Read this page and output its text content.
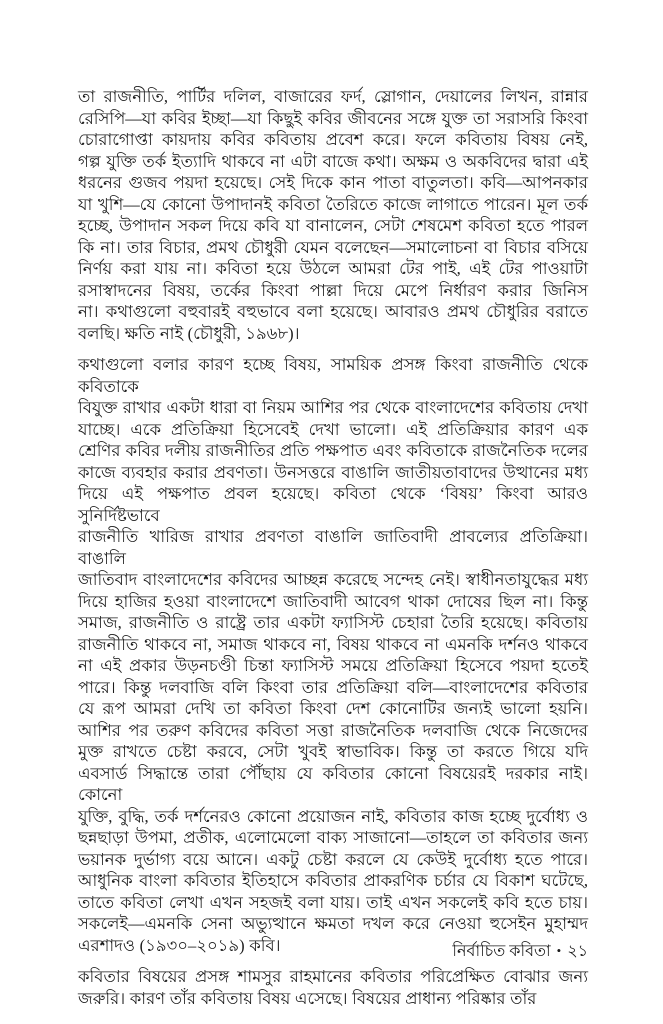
তা রাজনীতি, পার্টির দলিল, বাজারের ফর্দ, স্লোগান, দেয়ালের লিখন, রান্নার
রেসিপি—যা কবির ইচ্ছা—যা কিছুই কবির জীবনের সঙ্গে যুক্ত তা সরাসরি কিংবা
চোরাগোপ্তা কায়দায় কবির কবিতায় প্রবেশ করে। ফলে কবিতায় বিষয় নেই,
গল্প যুক্তি তর্ক ইত্যাদি থাকবে না এটা বাজে কথা। অক্ষম ও অকবিদের দ্বারা এই
ধরনের গুজব পয়দা হয়েছে। সেই দিকে কান পাতা বাতুলতা। কবি—আপনকার
যা খুশি—যে কোনো উপাদানই কবিতা তৈরিতে কাজে লাগাতে পারেন। মূল তর্ক
হচ্ছে, উপাদান সকল দিয়ে কবি যা বানালেন, সেটা শেষমেশ কবিতা হতে পারল
কি না। তার বিচার, প্রমথ চৌধুরী যেমন বলেছেন—সমালোচনা বা বিচার বসিয়ে
নির্ণয় করা যায় না। কবিতা হয়ে উঠলে আমরা টের পাই, এই টের পাওয়াটা
রসাস্বাদনের বিষয়, তর্কের কিংবা পাল্লা দিয়ে মেপে নির্ধারণ করার জিনিস
না। কথাগুলো বহুবারই বহুভাবে বলা হয়েছে। আবারও প্রমথ চৌধুরির বরাতে
বলছি। ক্ষতি নাই (চৌধুরী, ১৯৬৮)।
কথাগুলো বলার কারণ হচ্ছে বিষয়, সাময়িক প্রসঙ্গ কিংবা রাজনীতি থেকে কবিতাকে
বিযুক্ত রাখার একটা ধারা বা নিয়ম আশির পর থেকে বাংলাদেশের কবিতায় দেখা
যাচ্ছে। একে প্রতিক্রিয়া হিসেবেই দেখা ভালো। এই প্রতিক্রিয়ার কারণ এক
শ্রেণির কবির দলীয় রাজনীতির প্রতি পক্ষপাত এবং কবিতাকে রাজনৈতিক দলের
কাজে ব্যবহার করার প্রবণতা। উনসত্তরে বাঙালি জাতীয়তাবাদের উত্থানের মধ্য
দিয়ে এই পক্ষপাত প্রবল হয়েছে। কবিতা থেকে ‘বিষয়’ কিংবা আরও সুনির্দিষ্টভাবে
রাজনীতি খারিজ রাখার প্রবণতা বাঙালি জাতিবাদী প্রাবল্যের প্রতিক্রিয়া। বাঙালি
জাতিবাদ বাংলাদেশের কবিদের আচ্ছন্ন করেছে সন্দেহ নেই। স্বাধীনতাযুদ্ধের মধ্য
দিয়ে হাজির হওয়া বাংলাদেশে জাতিবাদী আবেগ থাকা দোষের ছিল না। কিন্তু
সমাজ, রাজনীতি ও রাষ্ট্রে তার একটা ফ্যাসিস্ট চেহারা তৈরি হয়েছে। কবিতায়
রাজনীতি থাকবে না, সমাজ থাকবে না, বিষয় থাকবে না এমনকি দর্শনও থাকবে
না এই প্রকার উড়নচণ্ডী চিন্তা ফ্যাসিস্ট সময়ে প্রতিক্রিয়া হিসেবে পয়দা হতেই
পারে। কিন্তু দলবাজি বলি কিংবা তার প্রতিক্রিয়া বলি—বাংলাদেশের কবিতার
যে রূপ আমরা দেখি তা কবিতা কিংবা দেশ কোনোটির জন্যই ভালো হয়নি।
আশির পর তরুণ কবিদের কবিতা সত্তা রাজনৈতিক দলবাজি থেকে নিজেদের
মুক্ত রাখতে চেষ্টা করবে, সেটা খুবই স্বাভাবিক। কিন্তু তা করতে গিয়ে যদি
এবসার্ড সিদ্ধান্তে তারা পৌঁছায় যে কবিতার কোনো বিষয়েরই দরকার নাই। কোনো
যুক্তি, বুদ্ধি, তর্ক দর্শনেরও কোনো প্রয়োজন নাই, কবিতার কাজ হচ্ছে দুর্বোধ্য ও
ছন্নছাড়া উপমা, প্রতীক, এলোমেলো বাক্য সাজানো—তাহলে তা কবিতার জন্য
ভয়ানক দুর্ভাগ্য বয়ে আনে। একটু চেষ্টা করলে যে কেউই দুর্বোধ্য হতে পারে।
আধুনিক বাংলা কবিতার ইতিহাসে কবিতার প্রাকরণিক চর্চার যে বিকাশ ঘটেছে,
তাতে কবিতা লেখা এখন সহজই বলা যায়। তাই এখন সকলেই কবি হতে চায়।
সকলেই—এমনকি সেনা অভ্যুত্থানে ক্ষমতা দখল করে নেওয়া হুসেইন মুহাম্মদ
এরশাদও (১৯৩০–২০১৯) কবি।
কবিতার বিষয়ের প্রসঙ্গ শামসুর রাহমানের কবিতার পরিপ্রেক্ষিত বোঝার জন্য
জরুরি। কারণ তাঁর কবিতায় বিষয় এসেছে। বিষয়ের প্রাধান্য পরিষ্কার তাঁর
নির্বাচিত কবিতা • ২১
